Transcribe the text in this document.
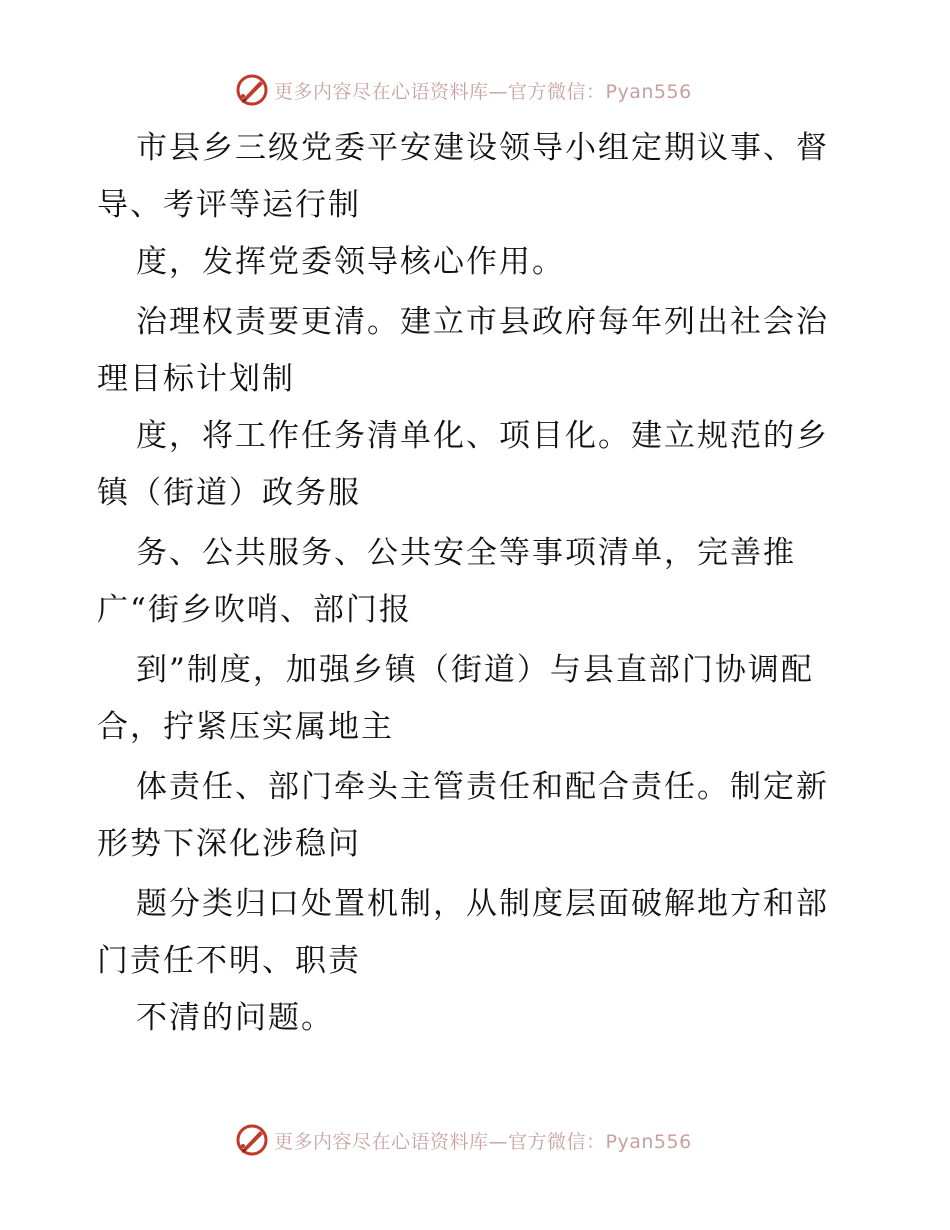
更多内容尽在心语资料库—官方微信：Pyan556
市县乡三级党委平安建设领导小组定期议事、督
导、考评等运行制
度，发挥党委领导核心作用。
治理权责要更清。建立市县政府每年列出社会治
理目标计划制
度，将工作任务清单化、项目化。建立规范的乡
镇（街道）政务服
务、公共服务、公共安全等事项清单，完善推
广“街乡吹哨、部门报
到”制度，加强乡镇（街道）与县直部门协调配
合，拧紧压实属地主
体责任、部门牵头主管责任和配合责任。制定新
形势下深化涉稳问
题分类归口处置机制，从制度层面破解地方和部
门责任不明、职责
不清的问题。
更多内容尽在心语资料库—官方微信：Pyan556
